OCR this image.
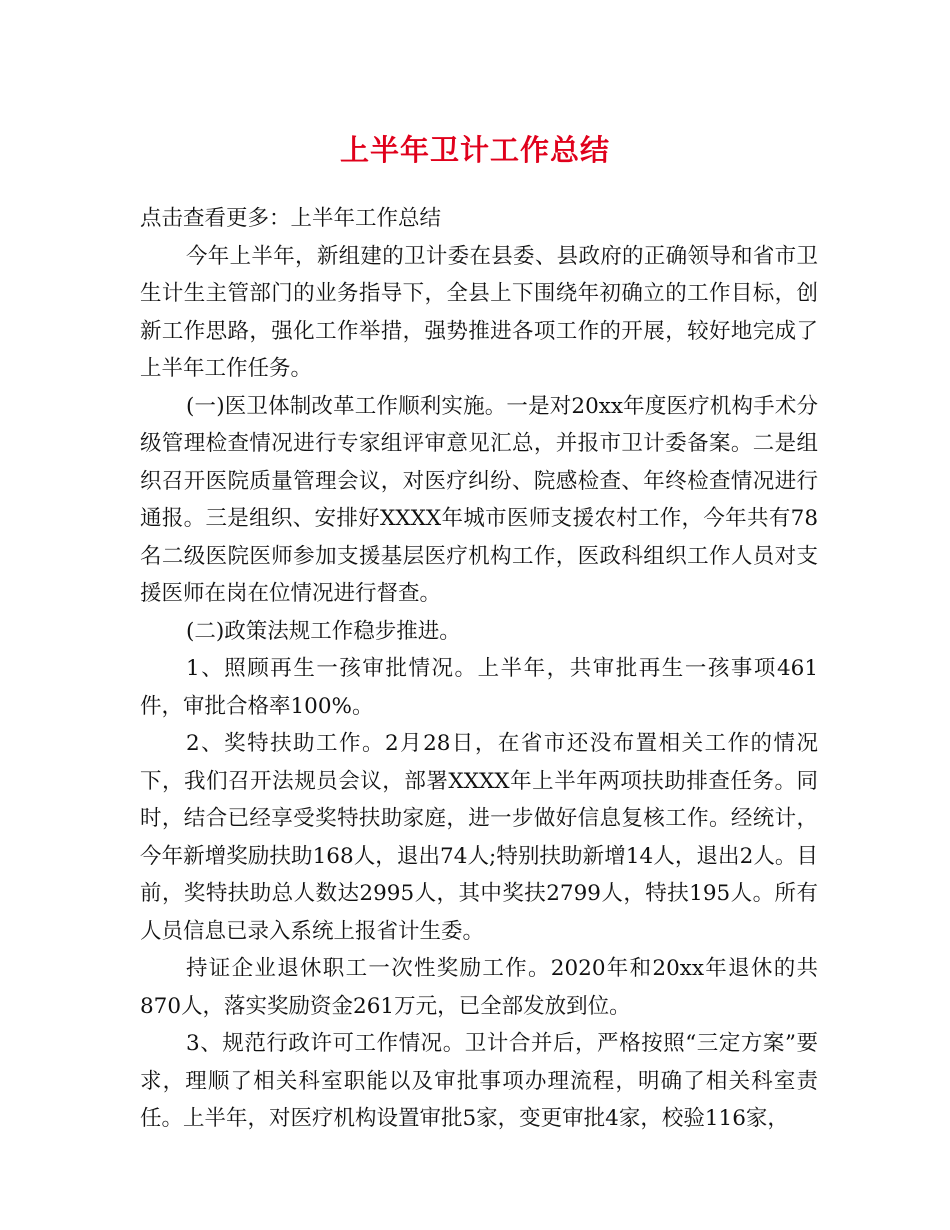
上半年卫计工作总结

点击查看更多：上半年工作总结

今年上半年，新组建的卫计委在县委、县政府的正确领导和省市卫生计生主管部门的业务指导下，全县上下围绕年初确立的工作目标，创新工作思路，强化工作举措，强势推进各项工作的开展，较好地完成了上半年工作任务。

(一)医卫体制改革工作顺利实施。一是对20xx年度医疗机构手术分级管理检查情况进行专家组评审意见汇总，并报市卫计委备案。二是组织召开医院质量管理会议，对医疗纠纷、院感检查、年终检查情况进行通报。三是组织、安排好XXXX年城市医师支援农村工作，今年共有78名二级医院医师参加支援基层医疗机构工作，医政科组织工作人员对支援医师在岗在位情况进行督查。

(二)政策法规工作稳步推进。

1、照顾再生一孩审批情况。上半年，共审批再生一孩事项461件，审批合格率100%。

2、奖特扶助工作。2月28日，在省市还没布置相关工作的情况下，我们召开法规员会议，部署XXXX年上半年两项扶助排查任务。同时，结合已经享受奖特扶助家庭，进一步做好信息复核工作。经统计，今年新增奖励扶助168人，退出74人;特别扶助新增14人，退出2人。目前，奖特扶助总人数达2995人，其中奖扶2799人，特扶195人。所有人员信息已录入系统上报省计生委。

持证企业退休职工一次性奖励工作。2020年和20xx年退休的共870人，落实奖励资金261万元，已全部发放到位。

3、规范行政许可工作情况。卫计合并后，严格按照“三定方案”要求，理顺了相关科室职能以及审批事项办理流程，明确了相关科室责任。上半年，对医疗机构设置审批5家，变更审批4家，校验116家，
